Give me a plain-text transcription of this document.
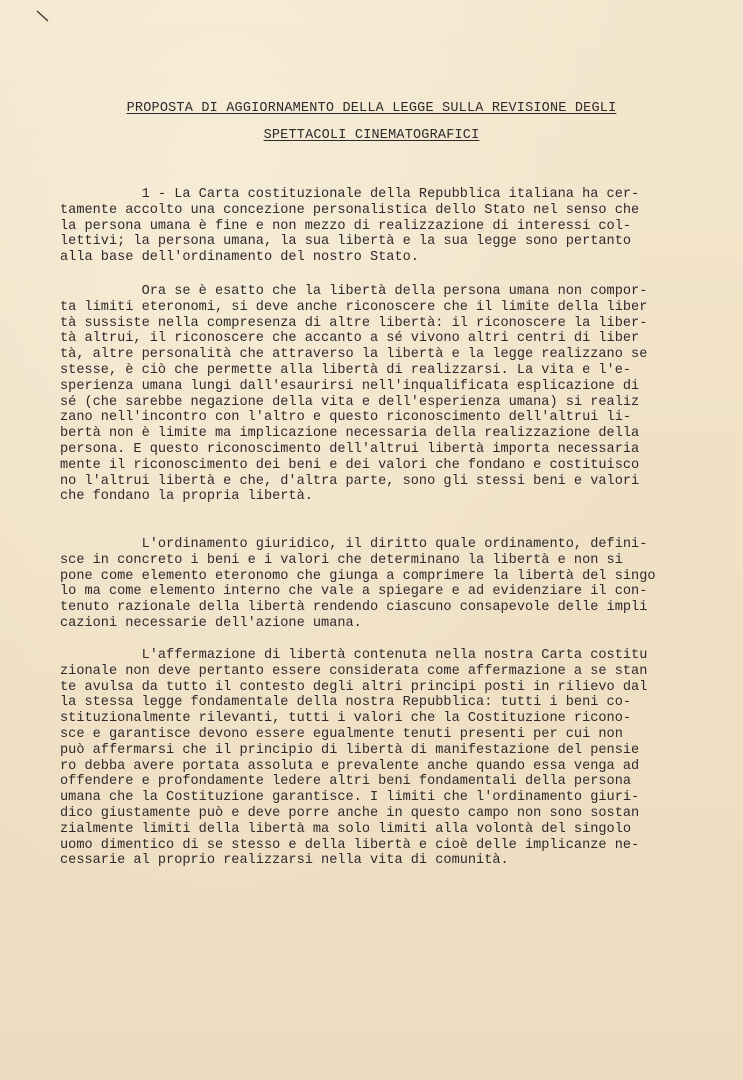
PROPOSTA DI AGGIORNAMENTO DELLA LEGGE SULLA REVISIONE DEGLI
SPETTACOLI CINEMATOGRAFICI
1 - La Carta costituzionale della Repubblica italiana ha cer-
tamente accolto una concezione personalistica dello Stato nel senso che
la persona umana è fine e non mezzo di realizzazione di interessi col-
lettivi; la persona umana, la sua libertà e la sua legge sono pertanto
alla base dell'ordinamento del nostro Stato.
Ora se è esatto che la libertà della persona umana non compor-
ta limiti eteronomi, si deve anche riconoscere che il limite della liber
tà sussiste nella compresenza di altre libertà: il riconoscere la liber-
tà altrui, il riconoscere che accanto a sé vivono altri centri di liber
tà, altre personalità che attraverso la libertà e la legge realizzano se
stesse, è ciò che permette alla libertà di realizzarsi. La vita e l'e-
sperienza umana lungi dall'esaurirsi nell'inqualificata esplicazione di
sé (che sarebbe negazione della vita e dell'esperienza umana) si realiz
zano nell'incontro con l'altro e questo riconoscimento dell'altrui li-
bertà non è limite ma implicazione necessaria della realizzazione della
persona. E questo riconoscimento dell'altrui libertà importa necessaria
mente il riconoscimento dei beni e dei valori che fondano e costituisco
no l'altrui libertà e che, d'altra parte, sono gli stessi beni e valori
che fondano la propria libertà.
L'ordinamento giuridico, il diritto quale ordinamento, defini-
sce in concreto i beni e i valori che determinano la libertà e non si
pone come elemento eteronomo che giunga a comprimere la libertà del singo
lo ma come elemento interno che vale a spiegare e ad evidenziare il con-
tenuto razionale della libertà rendendo ciascuno consapevole delle impli
cazioni necessarie dell'azione umana.
L'affermazione di libertà contenuta nella nostra Carta costitu
zionale non deve pertanto essere considerata come affermazione a se stan
te avulsa da tutto il contesto degli altri principi posti in rilievo dal
la stessa legge fondamentale della nostra Repubblica: tutti i beni co-
stituzionalmente rilevanti, tutti i valori che la Costituzione ricono-
sce e garantisce devono essere egualmente tenuti presenti per cui non
può affermarsi che il principio di libertà di manifestazione del pensie
ro debba avere portata assoluta e prevalente anche quando essa venga ad
offendere e profondamente ledere altri beni fondamentali della persona
umana che la Costituzione garantisce. I limiti che l'ordinamento giuri-
dico giustamente può e deve porre anche in questo campo non sono sostan
zialmente limiti della libertà ma solo limiti alla volontà del singolo
uomo dimentico di se stesso e della libertà e cioè delle implicanze ne-
cessarie al proprio realizzarsi nella vita di comunità.
